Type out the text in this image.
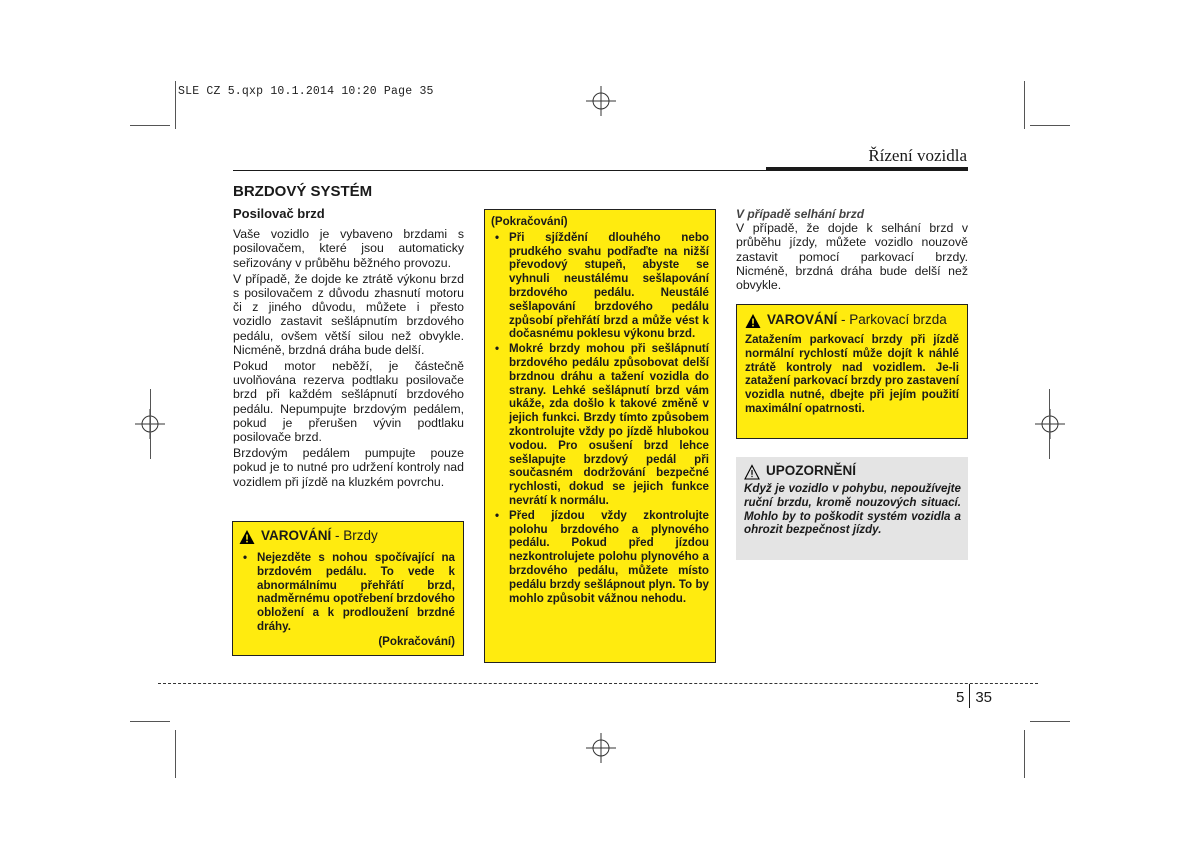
SLE CZ 5.qxp 10.1.2014 10:20 Page 35
Řízení vozidla
BRZDOVÝ SYSTÉM
Posilovač brzd

Vaše vozidlo je vybaveno brzdami s posilovačem, které jsou automaticky seřizovány v průběhu běžného provozu.

V případě, že dojde ke ztrátě výkonu brzd s posilovačem z důvodu zhasnutí motoru či z jiného důvodu, můžete i přesto vozidlo zastavit sešlápnutím brzdového pedálu, ovšem větší silou než obvykle. Nicméně, brzdná dráha bude delší.

Pokud motor neběží, je částečně uvolňována rezerva podtlaku posilovače brzd při každém sešlápnutí brzdového pedálu. Nepumpujte brzdovým pedálem, pokud je přerušen vývin podtlaku posilovače brzd.

Brzdovým pedálem pumpujte pouze pokud je to nutné pro udržení kontroly nad vozidlem při jízdě na kluzkém povrchu.

VAROVÁNÍ - Brzdy
• Nejezděte s nohou spočívající na brzdovém pedálu. To vede k abnormálnímu přehřátí brzd, nadměrnému opotřebení brzdového obložení a k prodloužení brzdné dráhy.
(Pokračování)
(Pokračování)
• Při sjíždění dlouhého nebo prudkého svahu podřaďte na nižší převodový stupeň, abyste se vyhnuli neustálému sešlapování brzdového pedálu. Neustálé sešlapování brzdového pedálu způsobí přehřátí brzd a může vést k dočasnému poklesu výkonu brzd.
• Mokré brzdy mohou při sešlápnutí brzdového pedálu způsobovat delší brzdnou dráhu a tažení vozidla do strany. Lehké sešlápnutí brzd vám ukáže, zda došlo k takové změně v jejich funkci. Brzdy tímto způsobem zkontrolujte vždy po jízdě hlubokou vodou. Pro osušení brzd lehce sešlapujte brzdový pedál při současném dodržování bezpečné rychlosti, dokud se jejich funkce nevrátí k normálu.
• Před jízdou vždy zkontrolujte polohu brzdového a plynového pedálu. Pokud před jízdou nezkontrolujete polohu plynového a brzdového pedálu, můžete místo pedálu brzdy sešlápnout plyn. To by mohlo způsobit vážnou nehodu.
V případě selhání brzd

V případě, že dojde k selhání brzd v průběhu jízdy, můžete vozidlo nouzově zastavit pomocí parkovací brzdy. Nicméně, brzdná dráha bude delší než obvykle.

VAROVÁNÍ - Parkovací brzda

Zatažením parkovací brzdy při jízdě normální rychlostí může dojít k náhlé ztrátě kontroly nad vozidlem. Je-li zatažení parkovací brzdy pro zastavení vozidla nutné, dbejte při jejím použití maximální opatrnosti.

UPOZORNĚNÍ

Když je vozidlo v pohybu, nepoužívejte ruční brzdu, kromě nouzových situací. Mohlo by to poškodit systém vozidla a ohrozit bezpečnost jízdy.

5 35
